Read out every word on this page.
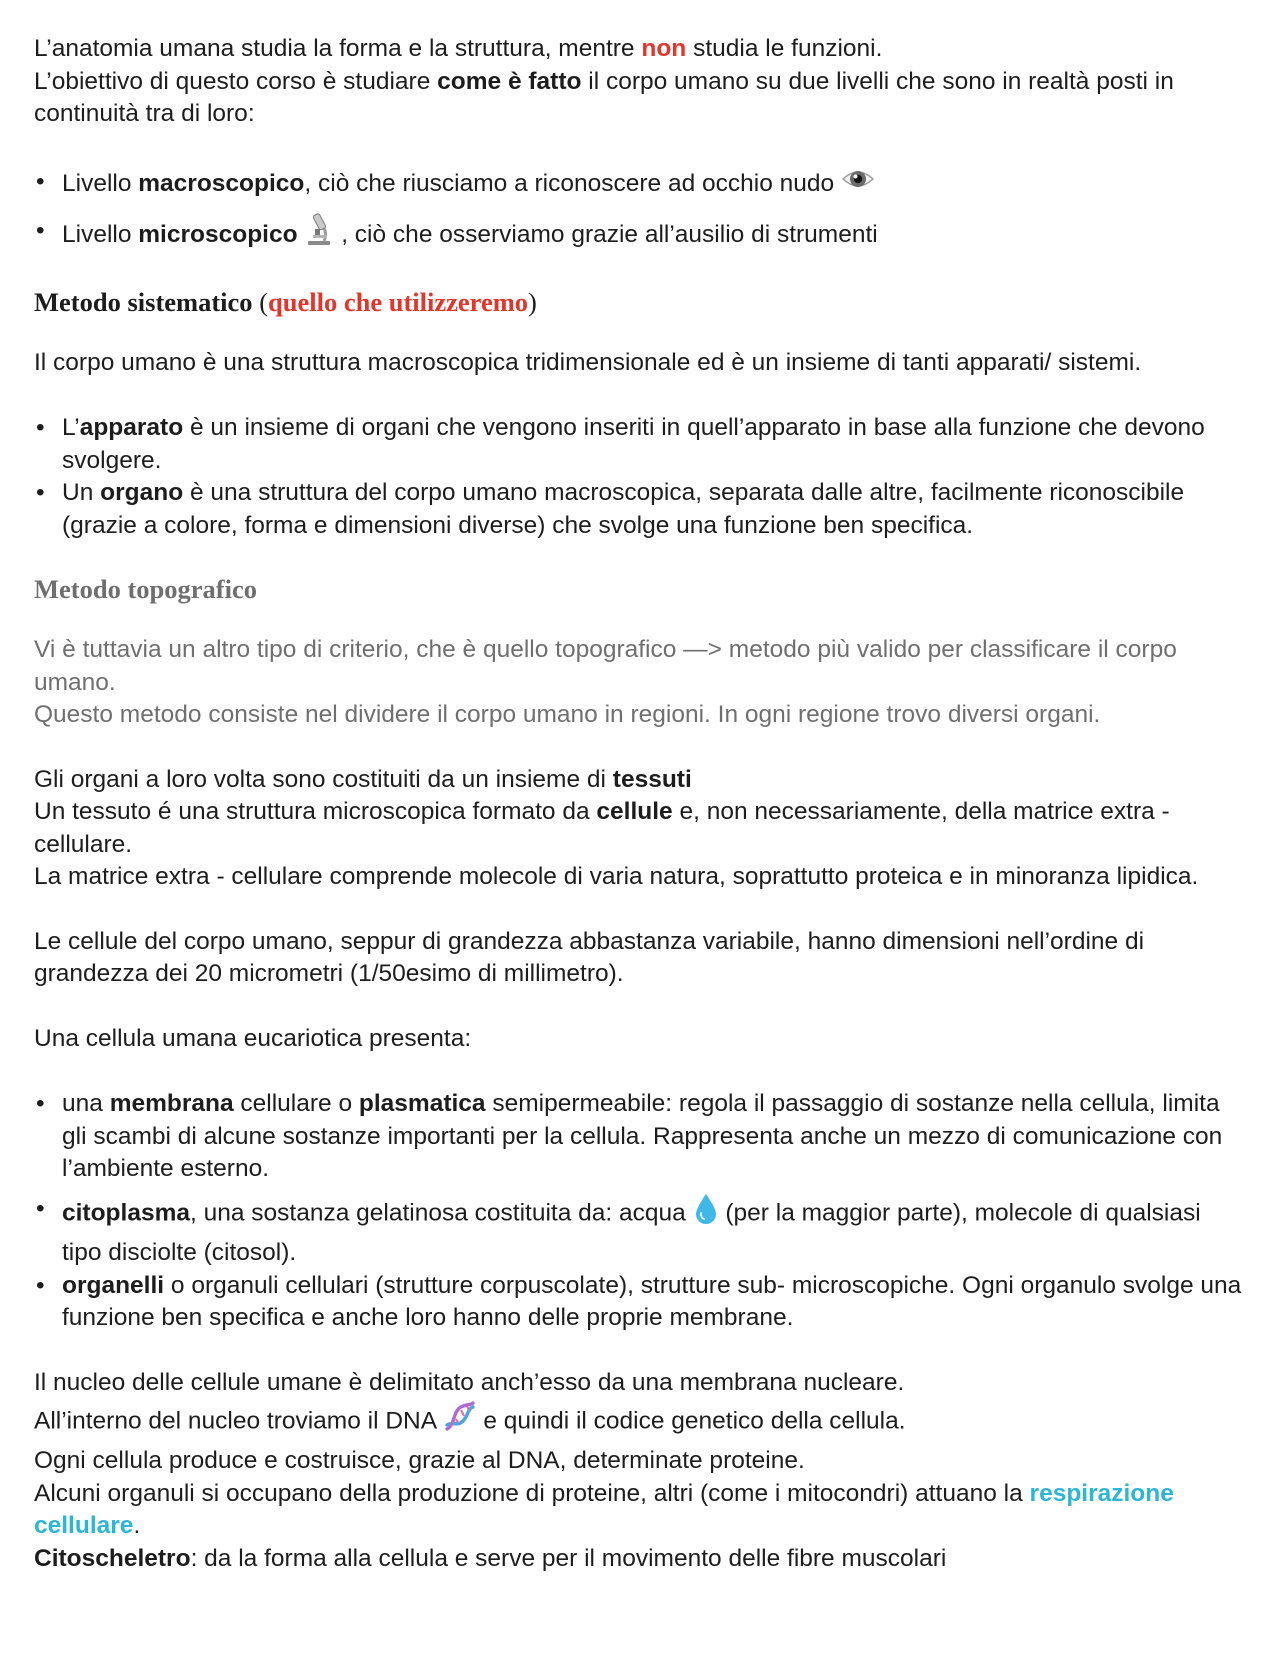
L’anatomia umana studia la forma e la struttura, mentre non studia le funzioni.

L’obiettivo di questo corso è studiare come è fatto il corpo umano su due livelli che sono in realtà posti in continuità tra di loro:

• Livello macroscopico, ciò che riusciamo a riconoscere ad occhio nudo
• Livello microscopico  , ciò che osserviamo grazie all’ausilio di strumenti

Metodo sistematico (quello che utilizzeremo)

Il corpo umano è una struttura macroscopica tridimensionale ed è un insieme di tanti apparati/ sistemi.

• L’apparato è un insieme di organi che vengono inseriti in quell’apparato in base alla funzione che devono svolgere.
• Un organo è una struttura del corpo umano macroscopica, separata dalle altre, facilmente riconoscibile (grazie a colore, forma e dimensioni diverse) che svolge una funzione ben specifica.

Metodo topografico

Vi è tuttavia un altro tipo di criterio, che è quello topografico —> metodo più valido per classificare il corpo umano.

Questo metodo consiste nel dividere il corpo umano in regioni. In ogni regione trovo diversi organi.

Gli organi a loro volta sono costituiti da un insieme di tessuti

Un tessuto é una struttura microscopica formato da cellule e, non necessariamente, della matrice extra - cellulare.

La matrice extra - cellulare comprende molecole di varia natura, soprattutto proteica e in minoranza lipidica.

Le cellule del corpo umano, seppur di grandezza abbastanza variabile, hanno dimensioni nell’ordine di grandezza dei 20 micrometri (1/50esimo di millimetro).

Una cellula umana eucariotica presenta:

• una membrana cellulare o plasmatica semipermeabile: regola il passaggio di sostanze nella cellula, limita gli scambi di alcune sostanze importanti per la cellula. Rappresenta anche un mezzo di comunicazione con l’ambiente esterno.
• citoplasma, una sostanza gelatinosa costituita da: acqua  (per la maggior parte), molecole di qualsiasi tipo disciolte (citosol).
• organelli o organuli cellulari (strutture corpuscolate), strutture sub- microscopiche. Ogni organulo svolge una funzione ben specifica e anche loro hanno delle proprie membrane.

Il nucleo delle cellule umane è delimitato anch’esso da una membrana nucleare.

All’interno del nucleo troviamo il DNA  e quindi il codice genetico della cellula.

Ogni cellula produce e costruisce, grazie al DNA, determinate proteine.

Alcuni organuli si occupano della produzione di proteine, altri (come i mitocondri) attuano la respirazione cellulare.

Citoscheletro: da la forma alla cellula e serve per il movimento delle fibre muscolari
